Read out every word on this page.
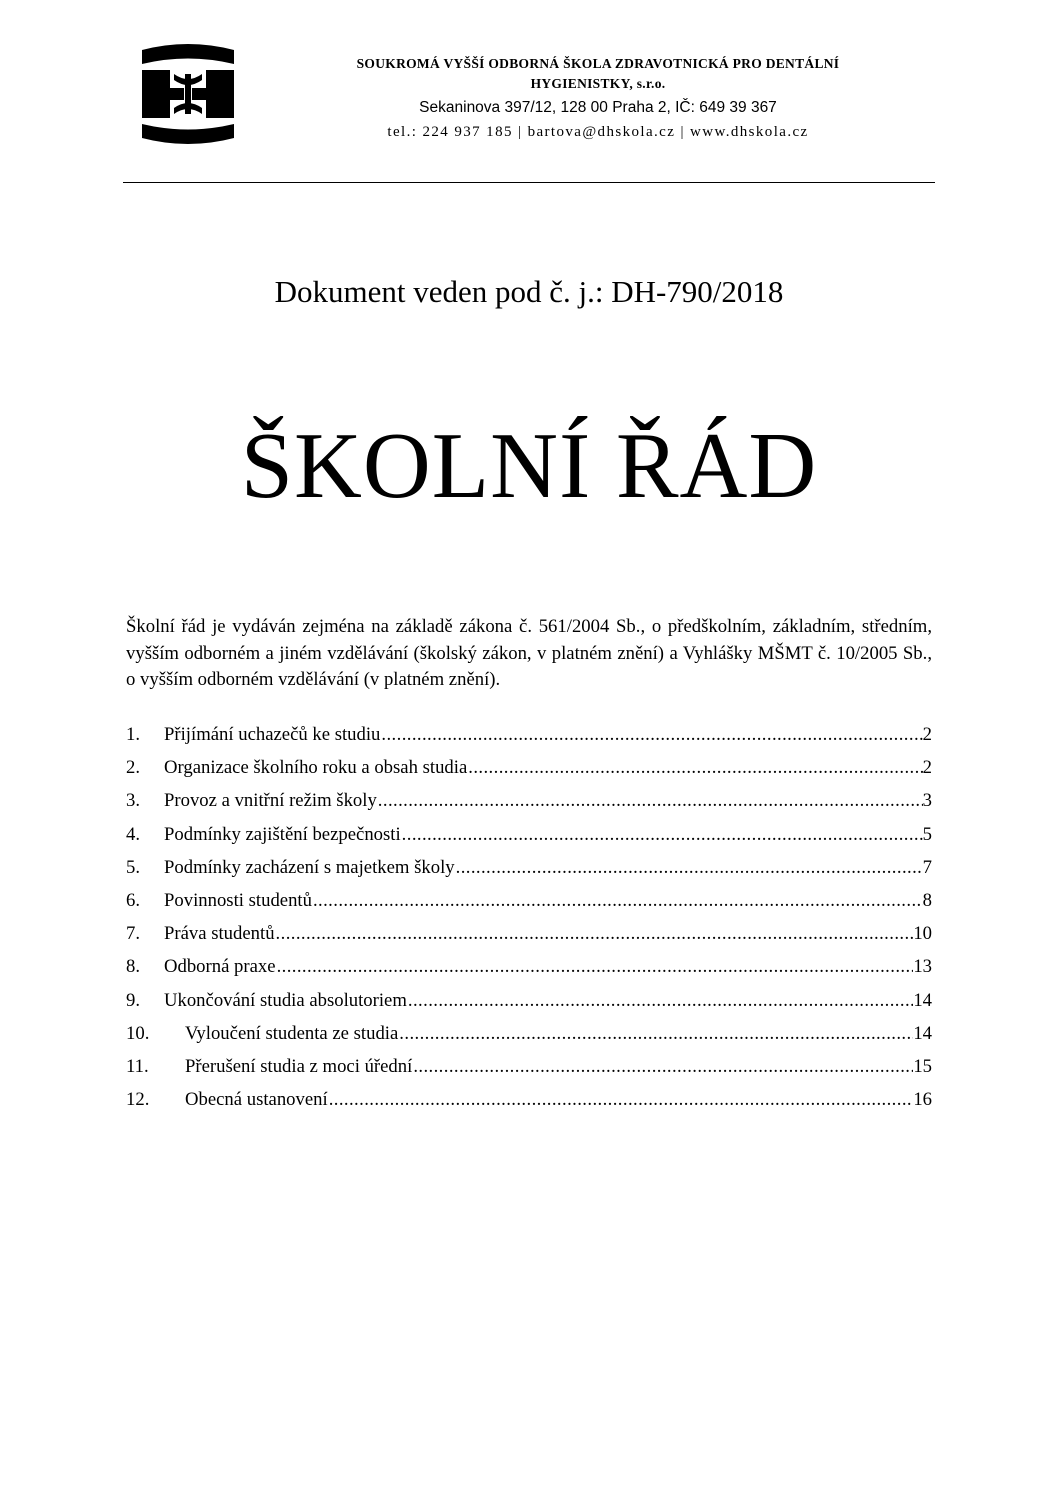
SOUKROMÁ VYŠŠÍ ODBORNÁ ŠKOLA ZDRAVOTNICKÁ PRO DENTÁLNÍ

HYGIENISTKY, s.r.o.

Sekaninova 397/12, 128 00 Praha 2, IČ: 649 39 367

tel.: 224 937 185 | bartova@dhskola.cz | www.dhskola.cz

Dokument veden pod č. j.: DH-790/2018
ŠKOLNÍ ŘÁD

Školní řád je vydáván zejména na základě zákona č. 561/2004 Sb., o předškolním, základním, středním, vyšším odborném a jiném vzdělávání (školský zákon, v platném znění) a Vyhlášky MŠMT č. 10/2005 Sb., o vyšším odborném vzdělávání (v platném znění).

1.	Přijímání uchazečů ke studiu .....	2
2.	Organizace školního roku a obsah studia .....	2
3.	Provoz a vnitřní režim školy .....	3
4.	Podmínky zajištění bezpečnosti .....	5
5.	Podmínky zacházení s majetkem školy .....	7
6.	Povinnosti studentů .....	8
7.	Práva studentů .....	10
8.	Odborná praxe .....	13
9.	Ukončování studia absolutoriem .....	14
10.	Vyloučení studenta ze studia .....	14
11.	Přerušení studia z moci úřední .....	15
12.	Obecná ustanovení .....	16
